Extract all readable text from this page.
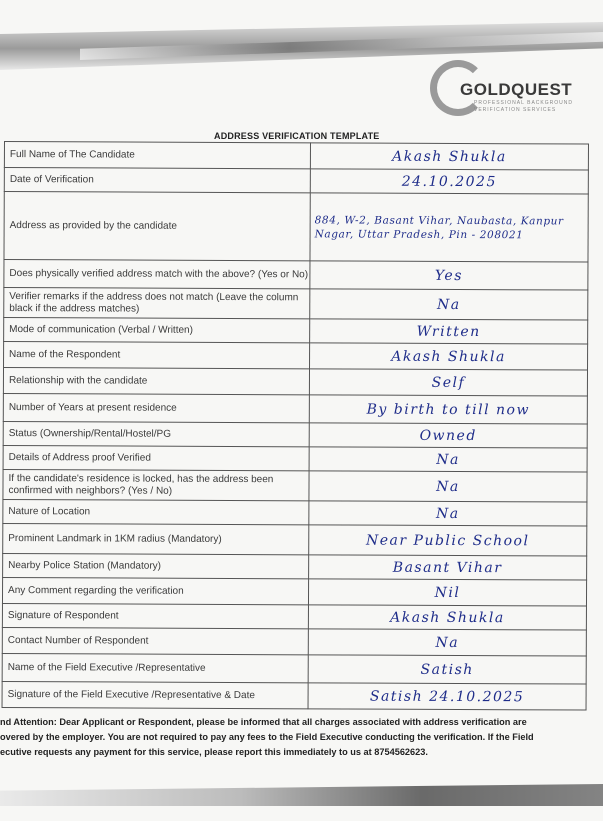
GOLDQUEST
PROFESSIONAL BACKGROUND
VERIFICATION SERVICES
ADDRESS VERIFICATION TEMPLATE
Full Name of The Candidate	Akash Shukla
Date of Verification	24.10.2025
Address as provided by the candidate	884, W-2, Basant Vihar, Naubasta, Kanpur Nagar, Uttar Pradesh, Pin - 208021
Does physically verified address match with the above? (Yes or No)	Yes
Verifier remarks if the address does not match (Leave the column black if the address matches)	Na
Mode of communication (Verbal / Written)	Written
Name of the Respondent	Akash Shukla
Relationship with the candidate	Self
Number of Years at present residence	By birth to till now
Status (Ownership/Rental/Hostel/PG	Owned
Details of Address proof Verified	Na
If the candidate's residence is locked, has the address been confirmed with neighbors? (Yes / No)	Na
Nature of Location	Na
Prominent Landmark in 1KM radius (Mandatory)	Near Public School
Nearby Police Station (Mandatory)	Basant Vihar
Any Comment regarding the verification	Nil
Signature of Respondent	Akash Shukla
Contact Number of Respondent	Na
Name of the Field Executive /Representative	Satish
Signature of the Field Executive /Representative & Date	Satish 24.10.2025
nd Attention: Dear Applicant or Respondent, please be informed that all charges associated with address verification are
overed by the employer. You are not required to pay any fees to the Field Executive conducting the verification. If the Field
ecutive requests any payment for this service, please report this immediately to us at 8754562623.
